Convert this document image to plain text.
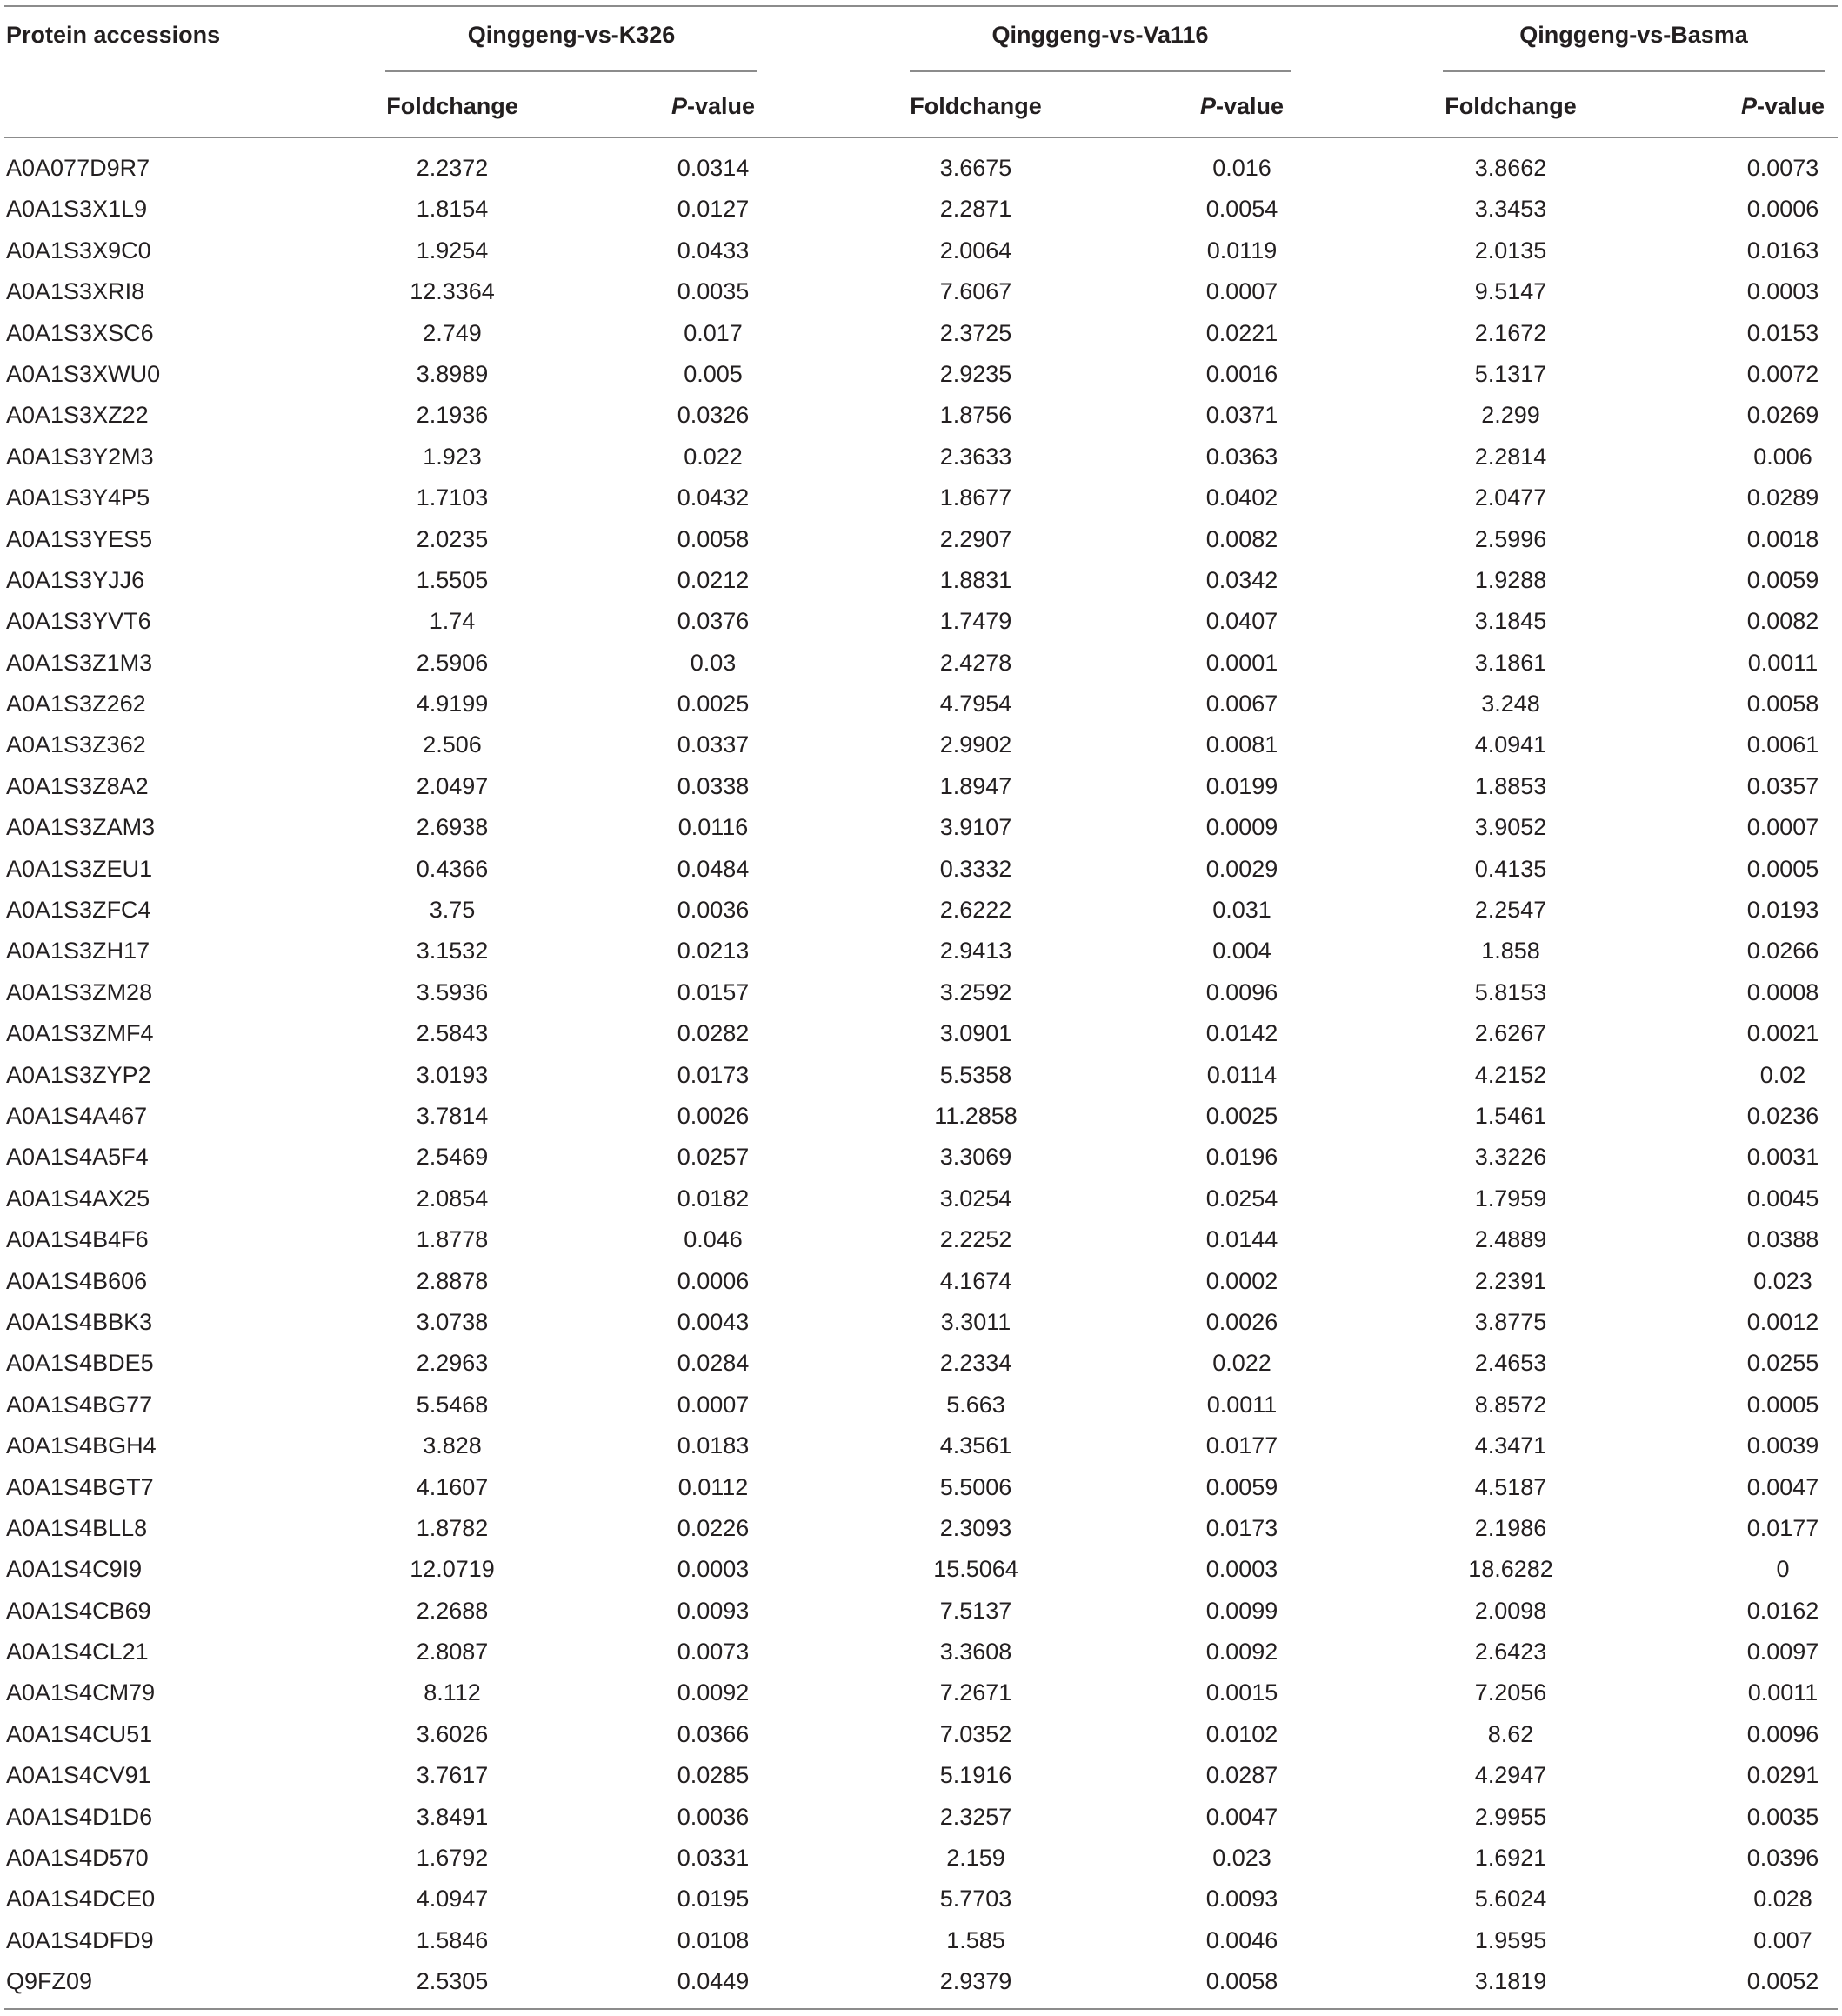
Protein accessions	Qinggeng-vs-K326	Qinggeng-vs-Va116	Qinggeng-vs-Basma
Foldchange	P-value	Foldchange	P-value	Foldchange	P-value
A0A077D9R7	2.2372	0.0314	3.6675	0.016	3.8662	0.0073
A0A1S3X1L9	1.8154	0.0127	2.2871	0.0054	3.3453	0.0006
A0A1S3X9C0	1.9254	0.0433	2.0064	0.0119	2.0135	0.0163
A0A1S3XRI8	12.3364	0.0035	7.6067	0.0007	9.5147	0.0003
A0A1S3XSC6	2.749	0.017	2.3725	0.0221	2.1672	0.0153
A0A1S3XWU0	3.8989	0.005	2.9235	0.0016	5.1317	0.0072
A0A1S3XZ22	2.1936	0.0326	1.8756	0.0371	2.299	0.0269
A0A1S3Y2M3	1.923	0.022	2.3633	0.0363	2.2814	0.006
A0A1S3Y4P5	1.7103	0.0432	1.8677	0.0402	2.0477	0.0289
A0A1S3YES5	2.0235	0.0058	2.2907	0.0082	2.5996	0.0018
A0A1S3YJJ6	1.5505	0.0212	1.8831	0.0342	1.9288	0.0059
A0A1S3YVT6	1.74	0.0376	1.7479	0.0407	3.1845	0.0082
A0A1S3Z1M3	2.5906	0.03	2.4278	0.0001	3.1861	0.0011
A0A1S3Z262	4.9199	0.0025	4.7954	0.0067	3.248	0.0058
A0A1S3Z362	2.506	0.0337	2.9902	0.0081	4.0941	0.0061
A0A1S3Z8A2	2.0497	0.0338	1.8947	0.0199	1.8853	0.0357
A0A1S3ZAM3	2.6938	0.0116	3.9107	0.0009	3.9052	0.0007
A0A1S3ZEU1	0.4366	0.0484	0.3332	0.0029	0.4135	0.0005
A0A1S3ZFC4	3.75	0.0036	2.6222	0.031	2.2547	0.0193
A0A1S3ZH17	3.1532	0.0213	2.9413	0.004	1.858	0.0266
A0A1S3ZM28	3.5936	0.0157	3.2592	0.0096	5.8153	0.0008
A0A1S3ZMF4	2.5843	0.0282	3.0901	0.0142	2.6267	0.0021
A0A1S3ZYP2	3.0193	0.0173	5.5358	0.0114	4.2152	0.02
A0A1S4A467	3.7814	0.0026	11.2858	0.0025	1.5461	0.0236
A0A1S4A5F4	2.5469	0.0257	3.3069	0.0196	3.3226	0.0031
A0A1S4AX25	2.0854	0.0182	3.0254	0.0254	1.7959	0.0045
A0A1S4B4F6	1.8778	0.046	2.2252	0.0144	2.4889	0.0388
A0A1S4B606	2.8878	0.0006	4.1674	0.0002	2.2391	0.023
A0A1S4BBK3	3.0738	0.0043	3.3011	0.0026	3.8775	0.0012
A0A1S4BDE5	2.2963	0.0284	2.2334	0.022	2.4653	0.0255
A0A1S4BG77	5.5468	0.0007	5.663	0.0011	8.8572	0.0005
A0A1S4BGH4	3.828	0.0183	4.3561	0.0177	4.3471	0.0039
A0A1S4BGT7	4.1607	0.0112	5.5006	0.0059	4.5187	0.0047
A0A1S4BLL8	1.8782	0.0226	2.3093	0.0173	2.1986	0.0177
A0A1S4C9I9	12.0719	0.0003	15.5064	0.0003	18.6282	0
A0A1S4CB69	2.2688	0.0093	7.5137	0.0099	2.0098	0.0162
A0A1S4CL21	2.8087	0.0073	3.3608	0.0092	2.6423	0.0097
A0A1S4CM79	8.112	0.0092	7.2671	0.0015	7.2056	0.0011
A0A1S4CU51	3.6026	0.0366	7.0352	0.0102	8.62	0.0096
A0A1S4CV91	3.7617	0.0285	5.1916	0.0287	4.2947	0.0291
A0A1S4D1D6	3.8491	0.0036	2.3257	0.0047	2.9955	0.0035
A0A1S4D570	1.6792	0.0331	2.159	0.023	1.6921	0.0396
A0A1S4DCE0	4.0947	0.0195	5.7703	0.0093	5.6024	0.028
A0A1S4DFD9	1.5846	0.0108	1.585	0.0046	1.9595	0.007
Q9FZ09	2.5305	0.0449	2.9379	0.0058	3.1819	0.0052
